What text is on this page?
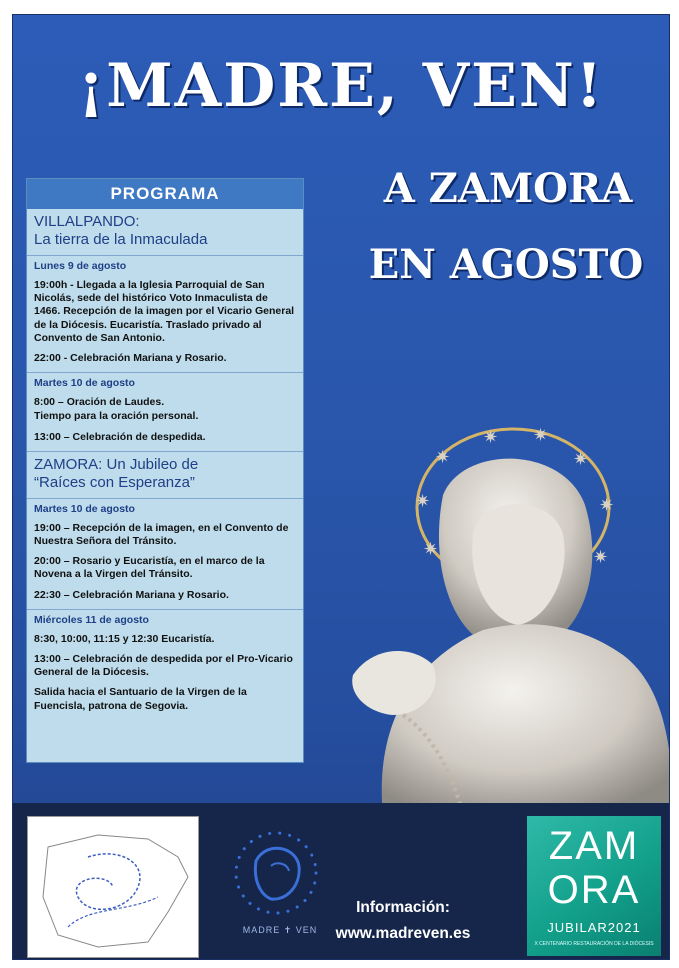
¡MADRE, VEN!
A ZAMORA
EN AGOSTO
✷
✷
✷ ✷
✷
✷
✷
✷
PROGRAMA
VILLALPANDO:
La tierra de la Inmaculada
Lunes 9 de agosto
19:00h - Llegada a la Iglesia Parroquial de San Nicolás, sede del histórico Voto Inmaculista de 1466. Recepción de la imagen por el Vicario General de la Diócesis. Eucaristía. Traslado privado al Convento de San Antonio.
22:00 - Celebración Mariana y Rosario.
Martes 10 de agosto
8:00 – Oración de Laudes.
Tiempo para la oración personal.
13:00 – Celebración de despedida.
ZAMORA: Un Jubileo de
“Raíces con Esperanza”
Martes 10 de agosto
19:00 – Recepción de la imagen, en el Convento de Nuestra Señora del Tránsito.
20:00 – Rosario y Eucaristía, en el marco de la Novena a la Virgen del Tránsito.
22:30 – Celebración Mariana y Rosario.
Miércoles 11 de agosto
8:30, 10:00, 11:15 y 12:30 Eucaristía.
13:00 – Celebración de despedida por el Pro-Vicario General de la Diócesis.
Salida hacia el Santuario de la Virgen de la Fuencisla, patrona de Segovia.
MADRE ✝ VEN
Información:
www.madreven.es
ZAM
ORA
JUBILAR2021
X CENTENARIO RESTAURACIÓN DE LA DIÓCESIS
